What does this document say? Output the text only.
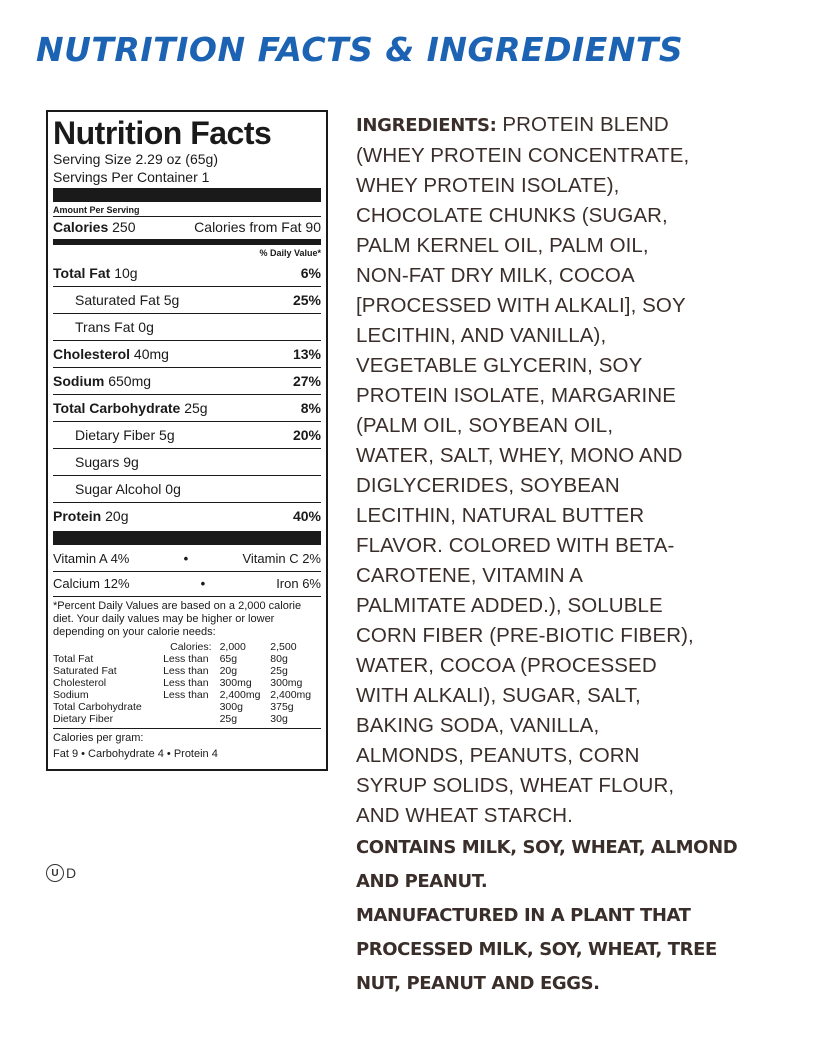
NUTRITION FACTS & INGREDIENTS
Nutrition Facts
Serving Size 2.29 oz (65g)
Servings Per Container 1
Amount Per Serving
Calories 250	Calories from Fat 90
% Daily Value*
Total Fat 10g	6%
Saturated Fat 5g	25%
Trans Fat 0g
Cholesterol 40mg	13%
Sodium 650mg	27%
Total Carbohydrate 25g	8%
Dietary Fiber 5g	20%
Sugars 9g
Sugar Alcohol 0g
Protein 20g	40%
Vitamin A 4%	•	Vitamin C 2%
Calcium 12%	•	Iron 6%
*Percent Daily Values are based on a 2,000 calorie diet. Your daily values may be higher or lower depending on your calorie needs:
Calories:		2,000	2,500
Total Fat	Less than	65g	80g
Saturated Fat	Less than	20g	25g
Cholesterol	Less than	300mg	300mg
Sodium	Less than	2,400mg	2,400mg
Total Carbohydrate		300g	375g
Dietary Fiber		25g	30g
Calories per gram:
Fat 9 • Carbohydrate 4 • Protein 4
U D

INGREDIENTS: PROTEIN BLEND
(WHEY PROTEIN CONCENTRATE,
WHEY PROTEIN ISOLATE),
CHOCOLATE CHUNKS (SUGAR,
PALM KERNEL OIL, PALM OIL,
NON-FAT DRY MILK, COCOA
[PROCESSED WITH ALKALI], SOY
LECITHIN, AND VANILLA),
VEGETABLE GLYCERIN, SOY
PROTEIN ISOLATE, MARGARINE
(PALM OIL, SOYBEAN OIL,
WATER, SALT, WHEY, MONO AND
DIGLYCERIDES, SOYBEAN
LECITHIN, NATURAL BUTTER
FLAVOR. COLORED WITH BETA-
CAROTENE, VITAMIN A
PALMITATE ADDED.), SOLUBLE
CORN FIBER (PRE-BIOTIC FIBER),
WATER, COCOA (PROCESSED
WITH ALKALI), SUGAR, SALT,
BAKING SODA, VANILLA,
ALMONDS, PEANUTS, CORN
SYRUP SOLIDS, WHEAT FLOUR,
AND WHEAT STARCH.

CONTAINS MILK, SOY, WHEAT, ALMOND
AND PEANUT.
MANUFACTURED IN A PLANT THAT
PROCESSED MILK, SOY, WHEAT, TREE
NUT, PEANUT AND EGGS.
